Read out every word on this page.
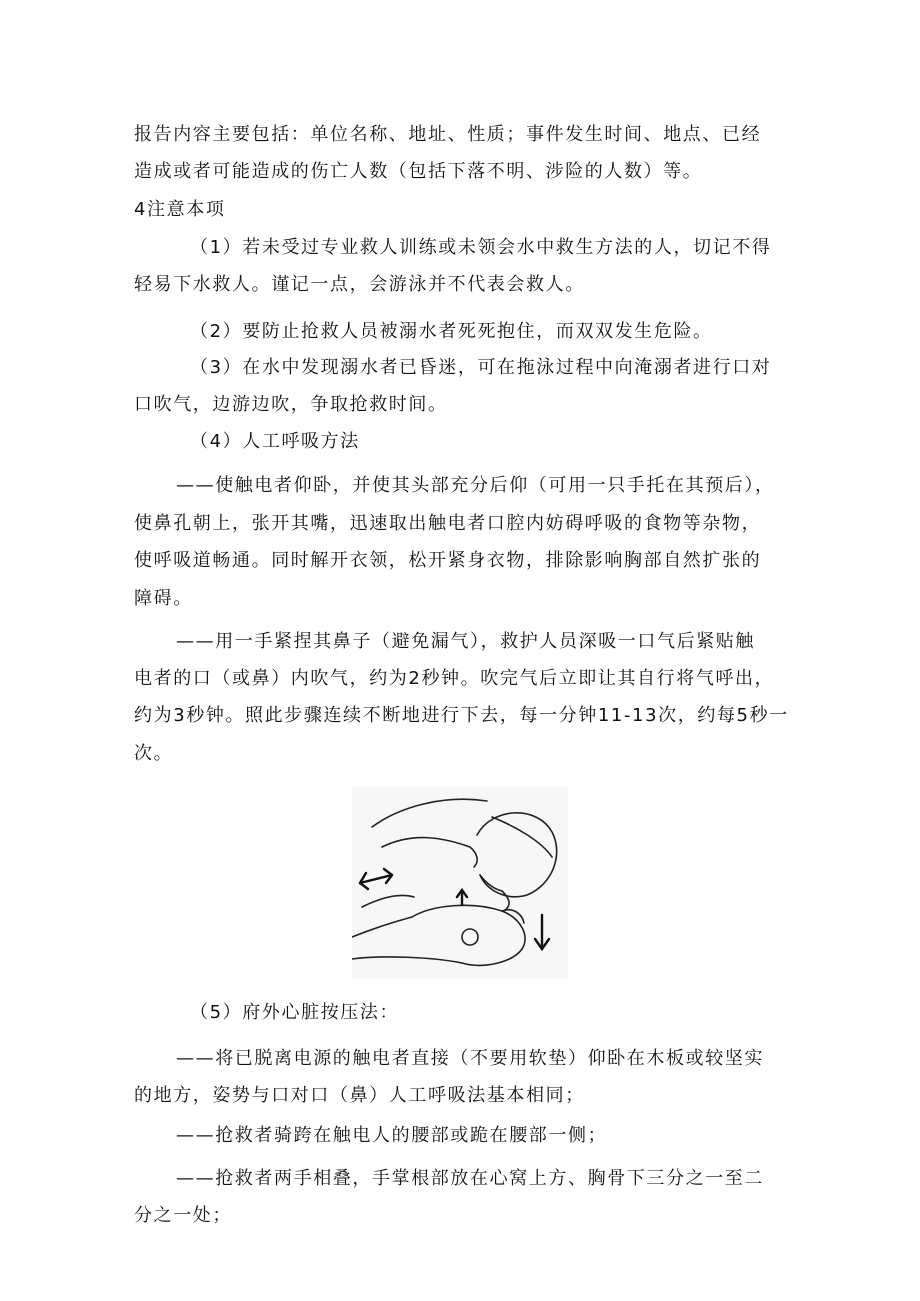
报告内容主要包括：单位名称、地址、性质；事件发生时间、地点、已经

造成或者可能造成的伤亡人数（包括下落不明、涉险的人数）等。

4注意本项

（1）若未受过专业救人训练或未领会水中救生方法的人，切记不得

轻易下水救人。谨记一点，会游泳并不代表会救人。

（2）要防止抢救人员被溺水者死死抱住，而双双发生危险。

（3）在水中发现溺水者已昏迷，可在拖泳过程中向淹溺者进行口对

口吹气，边游边吹，争取抢救时间。

（4）人工呼吸方法

——使触电者仰卧，并使其头部充分后仰（可用一只手托在其预后），

使鼻孔朝上，张开其嘴，迅速取出触电者口腔内妨碍呼吸的食物等杂物，

使呼吸道畅通。同时解开衣领，松开紧身衣物，排除影响胸部自然扩张的

障碍。

——用一手紧捏其鼻子（避免漏气），救护人员深吸一口气后紧贴触

电者的口（或鼻）内吹气，约为2秒钟。吹完气后立即让其自行将气呼出，

约为3秒钟。照此步骤连续不断地进行下去，每一分钟11-13次，约每5秒一

次。

（5）府外心脏按压法：

——将已脱离电源的触电者直接（不要用软垫）仰卧在木板或较坚实

的地方，姿势与口对口（鼻）人工呼吸法基本相同；

——抢救者骑跨在触电人的腰部或跪在腰部一侧；

——抢救者两手相叠，手掌根部放在心窝上方、胸骨下三分之一至二

分之一处；
